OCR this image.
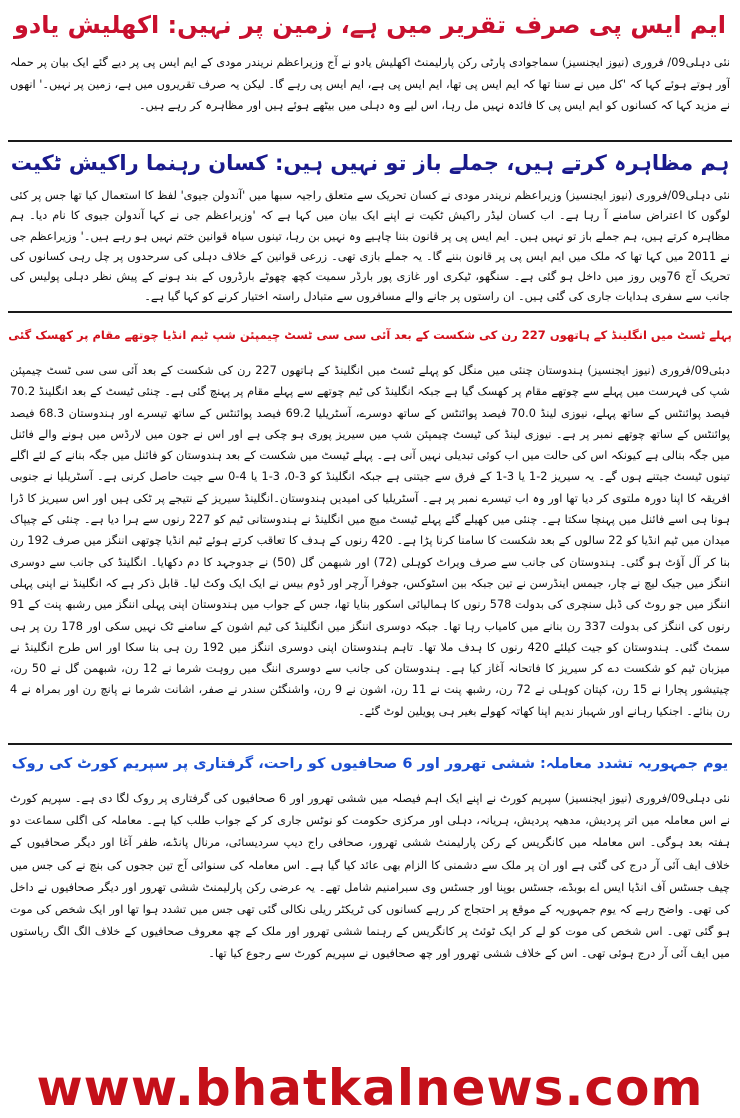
ایم ایس پی صرف تقریر میں ہے، زمین پر نہیں: اکھلیش یادو
نئی دہلی09/ فروری (نیوز ایجنسیز) سماجوادی پارٹی رکن پارلیمنٹ اکھلیش یادو نے آج وزیراعظم نریندر مودی کے ایم ایس پی پر دیے گئے ایک بیان پر حملہ آور ہوتے ہوئے کہا کہ 'کل میں نے سنا تھا کہ ایم ایس پی تھا، ایم ایس پی ہے، ایم ایس پی رہے گا۔ لیکن یہ صرف تقریروں میں ہے، زمین پر نہیں۔' انھوں نے مزید کہا کہ کسانوں کو ایم ایس پی کا فائدہ نہیں مل رہا، اس لیے وہ دہلی میں بیٹھے ہوئے ہیں اور مظاہرہ کر رہے ہیں۔
ہم مظاہرہ کرتے ہیں، جملے باز تو نہیں ہیں: کسان رہنما راکیش ٹکیت
نئی دہلی09/فروری (نیوز ایجنسیز) وزیراعظم نریندر مودی نے کسان تحریک سے متعلق راجیہ سبھا میں 'آندولن جیوی' لفظ کا استعمال کیا تھا جس پر کئی لوگوں کا اعتراض سامنے آ رہا ہے۔ اب کسان لیڈر راکیش ٹکیت نے اپنے ایک بیان میں کہا ہے کہ 'وزیراعظم جی نے کہا آندولن جیوی کا نام دیا۔ ہم مظاہرہ کرتے ہیں، ہم جملے باز تو نہیں ہیں۔ ایم ایس پی پر قانون بننا چاہیے وہ نہیں بن رہا، تینوں سیاہ قوانین ختم نہیں ہو رہے ہیں۔' وزیراعظم جی نے 2011 میں کہا تھا کہ ملک میں ایم ایس پی پر قانون بننے گا۔ یہ جملے بازی تھی۔ زرعی قوانین کے خلاف دہلی کی سرحدوں پر چل رہی کسانوں کی تحریک آج 76ویں روز میں داخل ہو گئی ہے۔ سنگھو، ٹیکری اور غازی پور بارڈر سمیت کچھ چھوٹے بارڈروں کے بند ہونے کے پیش نظر دہلی پولیس کی جانب سے سفری ہدایات جاری کی گئی ہیں۔ ان راستوں پر جانے والے مسافروں سے متبادل راستہ اختیار کرنے کو کہا گیا ہے۔
پہلے ٹسٹ میں انگلینڈ کے ہاتھوں 227 رن کی شکست کے بعد آئی سی سی ٹسٹ چیمپئن شپ ٹیم انڈیا چوتھے مقام پر کھسک گئی
دبئی09/فروری (نیوز ایجنسیز) ہندوستان چنئی میں منگل کو پہلے ٹسٹ میں انگلینڈ کے ہاتھوں 227 رن کی شکست کے بعد آئی سی سی ٹسٹ چیمپئن شپ کی فہرست میں پہلے سے چوتھے مقام پر کھسک گیا ہے جبکہ انگلینڈ کی ٹیم چوتھے سے پہلے مقام پر پہنچ گئی ہے۔ چنئی ٹیسٹ کے بعد انگلینڈ 70.2 فیصد پوائنٹس کے ساتھ پہلے، نیوزی لینڈ 70.0 فیصد پوائنٹس کے ساتھ دوسرے، آسٹریلیا 69.2 فیصد پوائنٹس کے ساتھ تیسرے اور ہندوستان 68.3 فیصد پوائنٹس کے ساتھ چوتھے نمبر پر ہے۔ نیوزی لینڈ کی ٹیسٹ چیمپئن شپ میں سیریز پوری ہو چکی ہے اور اس نے جون میں لارڈس میں ہونے والے فائنل میں جگہ بنالی ہے کیونکہ اس کی حالت میں اب کوئی تبدیلی نہیں آنی ہے۔ پہلے ٹیسٹ میں شکست کے بعد ہندوستان کو فائنل میں جگہ بنانے کے لئے اگلے تینوں ٹیسٹ جیتنے ہوں گے۔ یہ سیریز 2-1 یا 3-1 کے فرق سے جیتنی ہے جبکہ انگلینڈ کو 3-0، 3-1 یا 4-0 سے جیت حاصل کرنی ہے۔ آسٹریلیا نے جنوبی افریقہ کا اپنا دورہ ملتوی کر دیا تھا اور وہ اب تیسرے نمبر پر ہے۔ آسٹریلیا کی امیدیں ہندوستان۔انگلینڈ سیریز کے نتیجے پر ٹکی ہیں اور اس سیریز کا ڈرا ہونا ہی اسے فائنل میں پہنچا سکتا ہے۔ چنئی میں کھیلے گئے پہلے ٹیسٹ میچ میں انگلینڈ نے ہندوستانی ٹیم کو 227 رنوں سے ہرا دیا ہے۔ چنئی کے چیپاک میدان میں ٹیم انڈیا کو 22 سالوں کے بعد شکست کا سامنا کرنا پڑا ہے۔ 420 رنوں کے ہدف کا تعاقب کرتے ہوئے ٹیم انڈیا چوتھی اننگز میں صرف 192 رن بنا کر آل آؤٹ ہو گئی۔ ہندوستان کی جانب سے صرف ویراٹ کوہلی (72) اور شبھمن گل (50) نے جدوجہد کا دم دکھایا۔ انگلینڈ کی جانب سے دوسری اننگز میں جیک لیچ نے چار، جیمس اینڈرسن نے تین جبکہ بین اسٹوکس، جوفرا آرچر اور ڈوم بیس نے ایک ایک وکٹ لیا۔ قابل ذکر ہے کہ انگلینڈ نے اپنی پہلی اننگز میں جو روٹ کی ڈبل سنچری کی بدولت 578 رنوں کا ہمالیائی اسکور بنایا تھا، جس کے جواب میں ہندوستان اپنی پہلی اننگز میں رشبھ پنت کے 91 رنوں کی اننگز کی بدولت 337 رن بنانے میں کامیاب رہا تھا۔ جبکہ دوسری اننگز میں انگلینڈ کی ٹیم اشون کے سامنے ٹک نہیں سکی اور 178 رن پر ہی سمٹ گئی۔ ہندوستان کو جیت کیلئے 420 رنوں کا ہدف ملا تھا۔ تاہم ہندوستان اپنی دوسری اننگز میں 192 رن ہی بنا سکا اور اس طرح انگلینڈ نے میزبان ٹیم کو شکست دے کر سیریز کا فاتحانہ آغاز کیا ہے۔ ہندوستان کی جانب سے دوسری اننگ میں روہت شرما نے 12 رن، شبھمن گل نے 50 رن، چیتیشور پجارا نے 15 رن، کپتان کوہلی نے 72 رن، رشبھ پنت نے 11 رن، اشون نے 9 رن، واشنگٹن سندر نے صفر، اشانت شرما نے پانچ رن اور بمراہ نے 4 رن بنائے۔ اجنکیا رہانے اور شہباز ندیم اپنا کھاتہ کھولے بغیر ہی پویلین لوٹ گئے۔
یوم جمہوریہ تشدد معاملہ: ششی تھرور اور 6 صحافیوں کو راحت، گرفتاری پر سپریم کورٹ کی روک
نئی دہلی09/فروری (نیوز ایجنسیز) سپریم کورٹ نے اپنے ایک اہم فیصلہ میں ششی تھرور اور 6 صحافیوں کی گرفتاری پر روک لگا دی ہے۔ سپریم کورٹ نے اس معاملہ میں اتر پردیش، مدھیہ پردیش، ہریانہ، دہلی اور مرکزی حکومت کو نوٹس جاری کر کے جواب طلب کیا ہے۔ معاملہ کی اگلی سماعت دو ہفتہ بعد ہوگی۔ اس معاملہ میں کانگریس کے رکن پارلیمنٹ ششی تھرور، صحافی راج دیپ سردیسائی، مرنال پانڈے، ظفر آغا اور دیگر صحافیوں کے خلاف ایف آئی آر درج کی گئی ہے اور ان پر ملک سے دشمنی کا الزام بھی عائد کیا گیا ہے۔ اس معاملہ کی سنوائی آج تین ججوں کی بنچ نے کی جس میں چیف جسٹس آف انڈیا ایس اے بوبڈے، جسٹس بوپنا اور جسٹس وی سبرامنیم شامل تھے۔ یہ عرضی رکن پارلیمنٹ ششی تھرور اور دیگر صحافیوں نے داخل کی تھی۔ واضح رہے کہ یوم جمہوریہ کے موقع پر احتجاج کر رہے کسانوں کی ٹریکٹر ریلی نکالی گئی تھی جس میں تشدد ہوا تھا اور ایک شخص کی موت ہو گئی تھی۔ اس شخص کی موت کو لے کر ایک ٹوئٹ پر کانگریس کے رہنما ششی تھرور اور ملک کے چھ معروف صحافیوں کے خلاف الگ الگ ریاستوں میں ایف آئی آر درج ہوئی تھی۔ اس کے خلاف ششی تھرور اور چھ صحافیوں نے سپریم کورٹ سے رجوع کیا تھا۔
www.bhatkalnews.com
